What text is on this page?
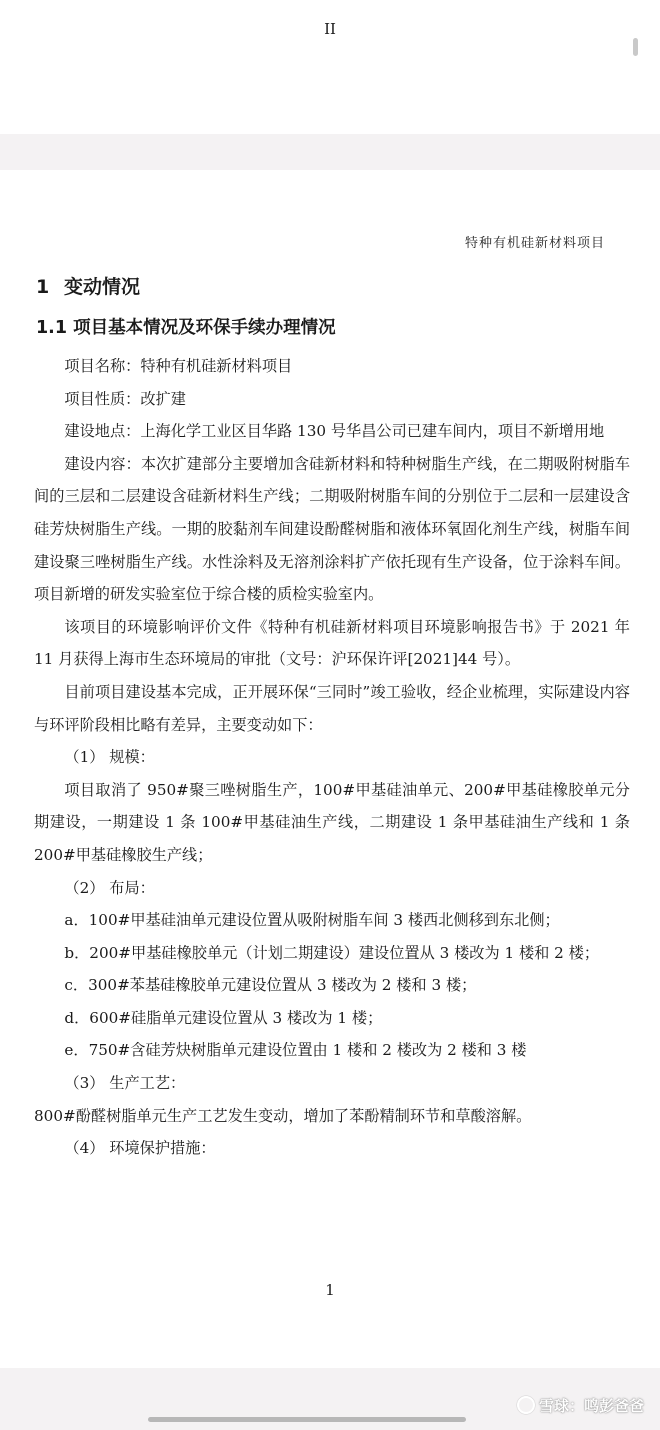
II
特种有机硅新材料项目
1 变动情况
1.1 项目基本情况及环保手续办理情况

项目名称：特种有机硅新材料项目

项目性质：改扩建

建设地点：上海化学工业区目华路 130 号华昌公司已建车间内，项目不新增用地

建设内容：本次扩建部分主要增加含硅新材料和特种树脂生产线，在二期吸附树脂车间的三层和二层建设含硅新材料生产线；二期吸附树脂车间的分别位于二层和一层建设含硅芳炔树脂生产线。一期的胶黏剂车间建设酚醛树脂和液体环氧固化剂生产线，树脂车间建设聚三唑树脂生产线。水性涂料及无溶剂涂料扩产依托现有生产设备，位于涂料车间。项目新增的研发实验室位于综合楼的质检实验室内。

该项目的环境影响评价文件《特种有机硅新材料项目环境影响报告书》于 2021 年 11 月获得上海市生态环境局的审批（文号：沪环保许评[2021]44 号）。

目前项目建设基本完成，正开展环保“三同时”竣工验收，经企业梳理，实际建设内容与环评阶段相比略有差异，主要变动如下：

（1） 规模：

项目取消了 950#聚三唑树脂生产，100#甲基硅油单元、200#甲基硅橡胶单元分期建设，一期建设 1 条 100#甲基硅油生产线，二期建设 1 条甲基硅油生产线和 1 条 200#甲基硅橡胶生产线；

（2） 布局：

a．100#甲基硅油单元建设位置从吸附树脂车间 3 楼西北侧移到东北侧；

b．200#甲基硅橡胶单元（计划二期建设）建设位置从 3 楼改为 1 楼和 2 楼；

c．300#苯基硅橡胶单元建设位置从 3 楼改为 2 楼和 3 楼；

d．600#硅脂单元建设位置从 3 楼改为 1 楼；

e．750#含硅芳炔树脂单元建设位置由 1 楼和 2 楼改为 2 楼和 3 楼

（3） 生产工艺：

800#酚醛树脂单元生产工艺发生变动，增加了苯酚精制环节和草酸溶解。

（4） 环境保护措施：

1
雪球：鸣彭爸爸
